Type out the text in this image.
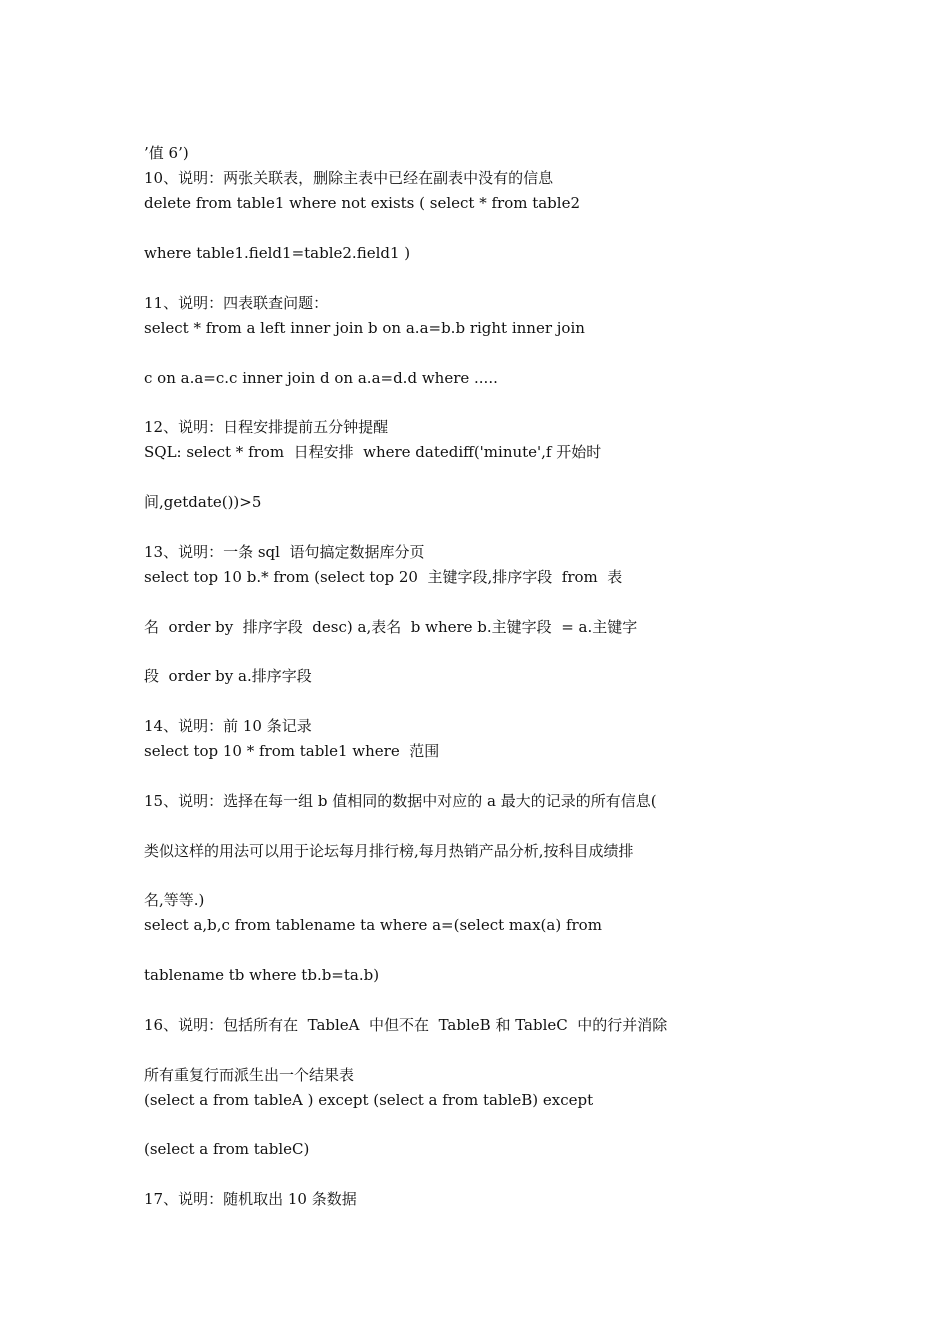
’值 6’)
10、说明：两张关联表，删除主表中已经在副表中没有的信息
delete from table1 where not exists ( select * from table2
where table1.field1=table2.field1 )
11、说明：四表联查问题：
select * from a left inner join b on a.a=b.b right inner join
c on a.a=c.c inner join d on a.a=d.d where .....
12、说明：日程安排提前五分钟提醒
SQL: select * from  日程安排  where datediff('minute',f 开始时
间,getdate())>5
13、说明：一条 sql  语句搞定数据库分页
select top 10 b.* from (select top 20  主键字段,排序字段  from  表
名  order by  排序字段  desc) a,表名  b where b.主键字段  = a.主键字
段  order by a.排序字段
14、说明：前 10 条记录
select top 10 * from table1 where  范围
15、说明：选择在每一组 b 值相同的数据中对应的 a 最大的记录的所有信息(
类似这样的用法可以用于论坛每月排行榜,每月热销产品分析,按科目成绩排
名,等等.)
select a,b,c from tablename ta where a=(select max(a) from
tablename tb where tb.b=ta.b)
16、说明：包括所有在  TableA  中但不在  TableB 和 TableC  中的行并消除
所有重复行而派生出一个结果表
(select a from tableA ) except (select a from tableB) except
(select a from tableC)
17、说明：随机取出 10 条数据
